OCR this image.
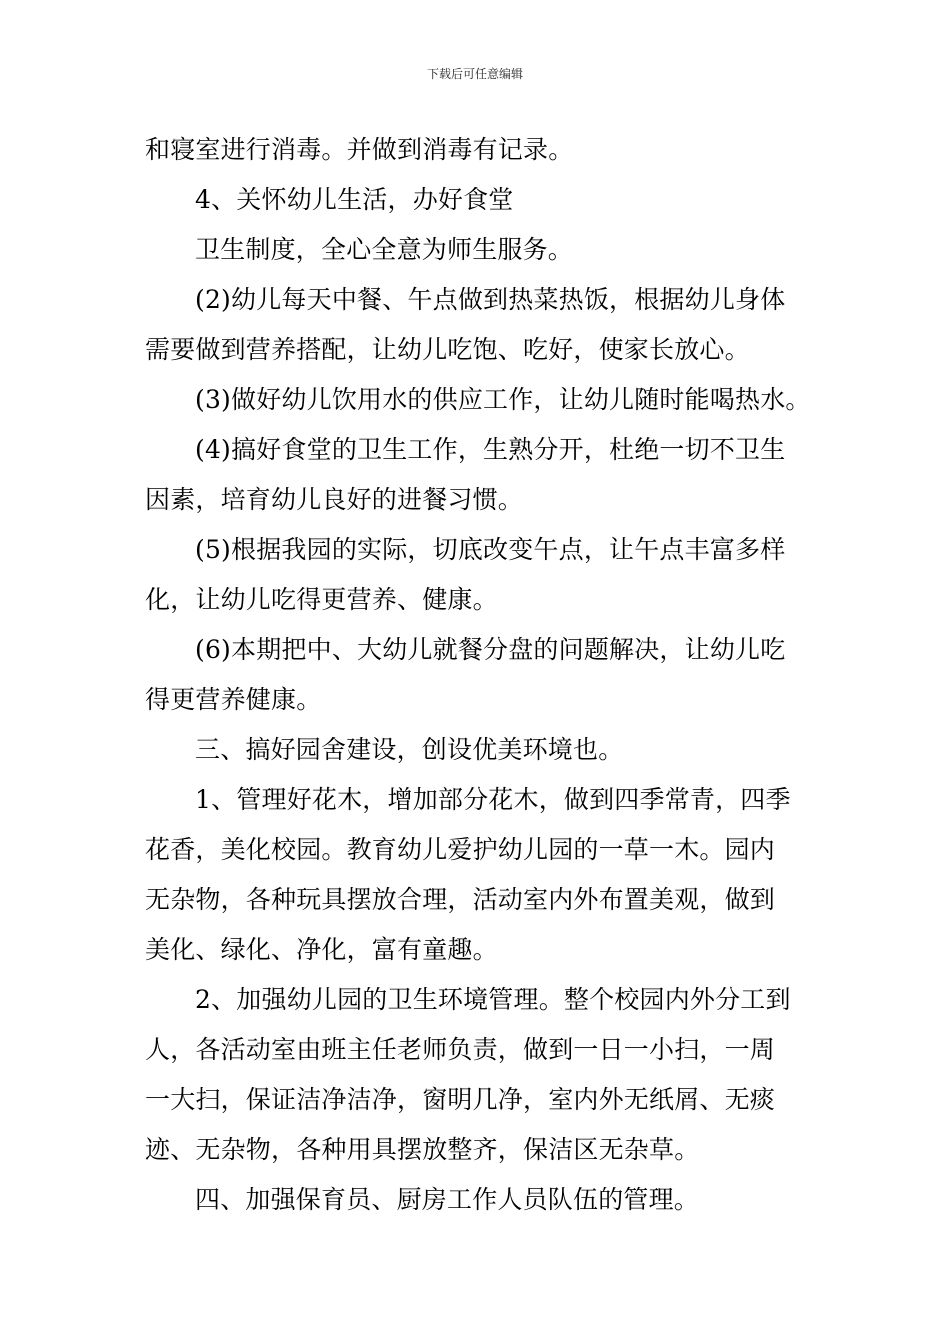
下载后可任意编辑
和寝室进行消毒。并做到消毒有记录。
4、关怀幼儿生活，办好食堂
卫生制度，全心全意为师生服务。
(2)幼儿每天中餐、午点做到热菜热饭，根据幼儿身体
需要做到营养搭配，让幼儿吃饱、吃好，使家长放心。
(3)做好幼儿饮用水的供应工作，让幼儿随时能喝热水。
(4)搞好食堂的卫生工作，生熟分开，杜绝一切不卫生
因素，培育幼儿良好的进餐习惯。
(5)根据我园的实际，切底改变午点，让午点丰富多样
化，让幼儿吃得更营养、健康。
(6)本期把中、大幼儿就餐分盘的问题解决，让幼儿吃
得更营养健康。
三、搞好园舍建设，创设优美环境也。
1、管理好花木，增加部分花木，做到四季常青，四季
花香，美化校园。教育幼儿爱护幼儿园的一草一木。园内
无杂物，各种玩具摆放合理，活动室内外布置美观，做到
美化、绿化、净化，富有童趣。
2、加强幼儿园的卫生环境管理。整个校园内外分工到
人，各活动室由班主任老师负责，做到一日一小扫，一周
一大扫，保证洁净洁净，窗明几净，室内外无纸屑、无痰
迹、无杂物，各种用具摆放整齐，保洁区无杂草。
四、加强保育员、厨房工作人员队伍的管理。
